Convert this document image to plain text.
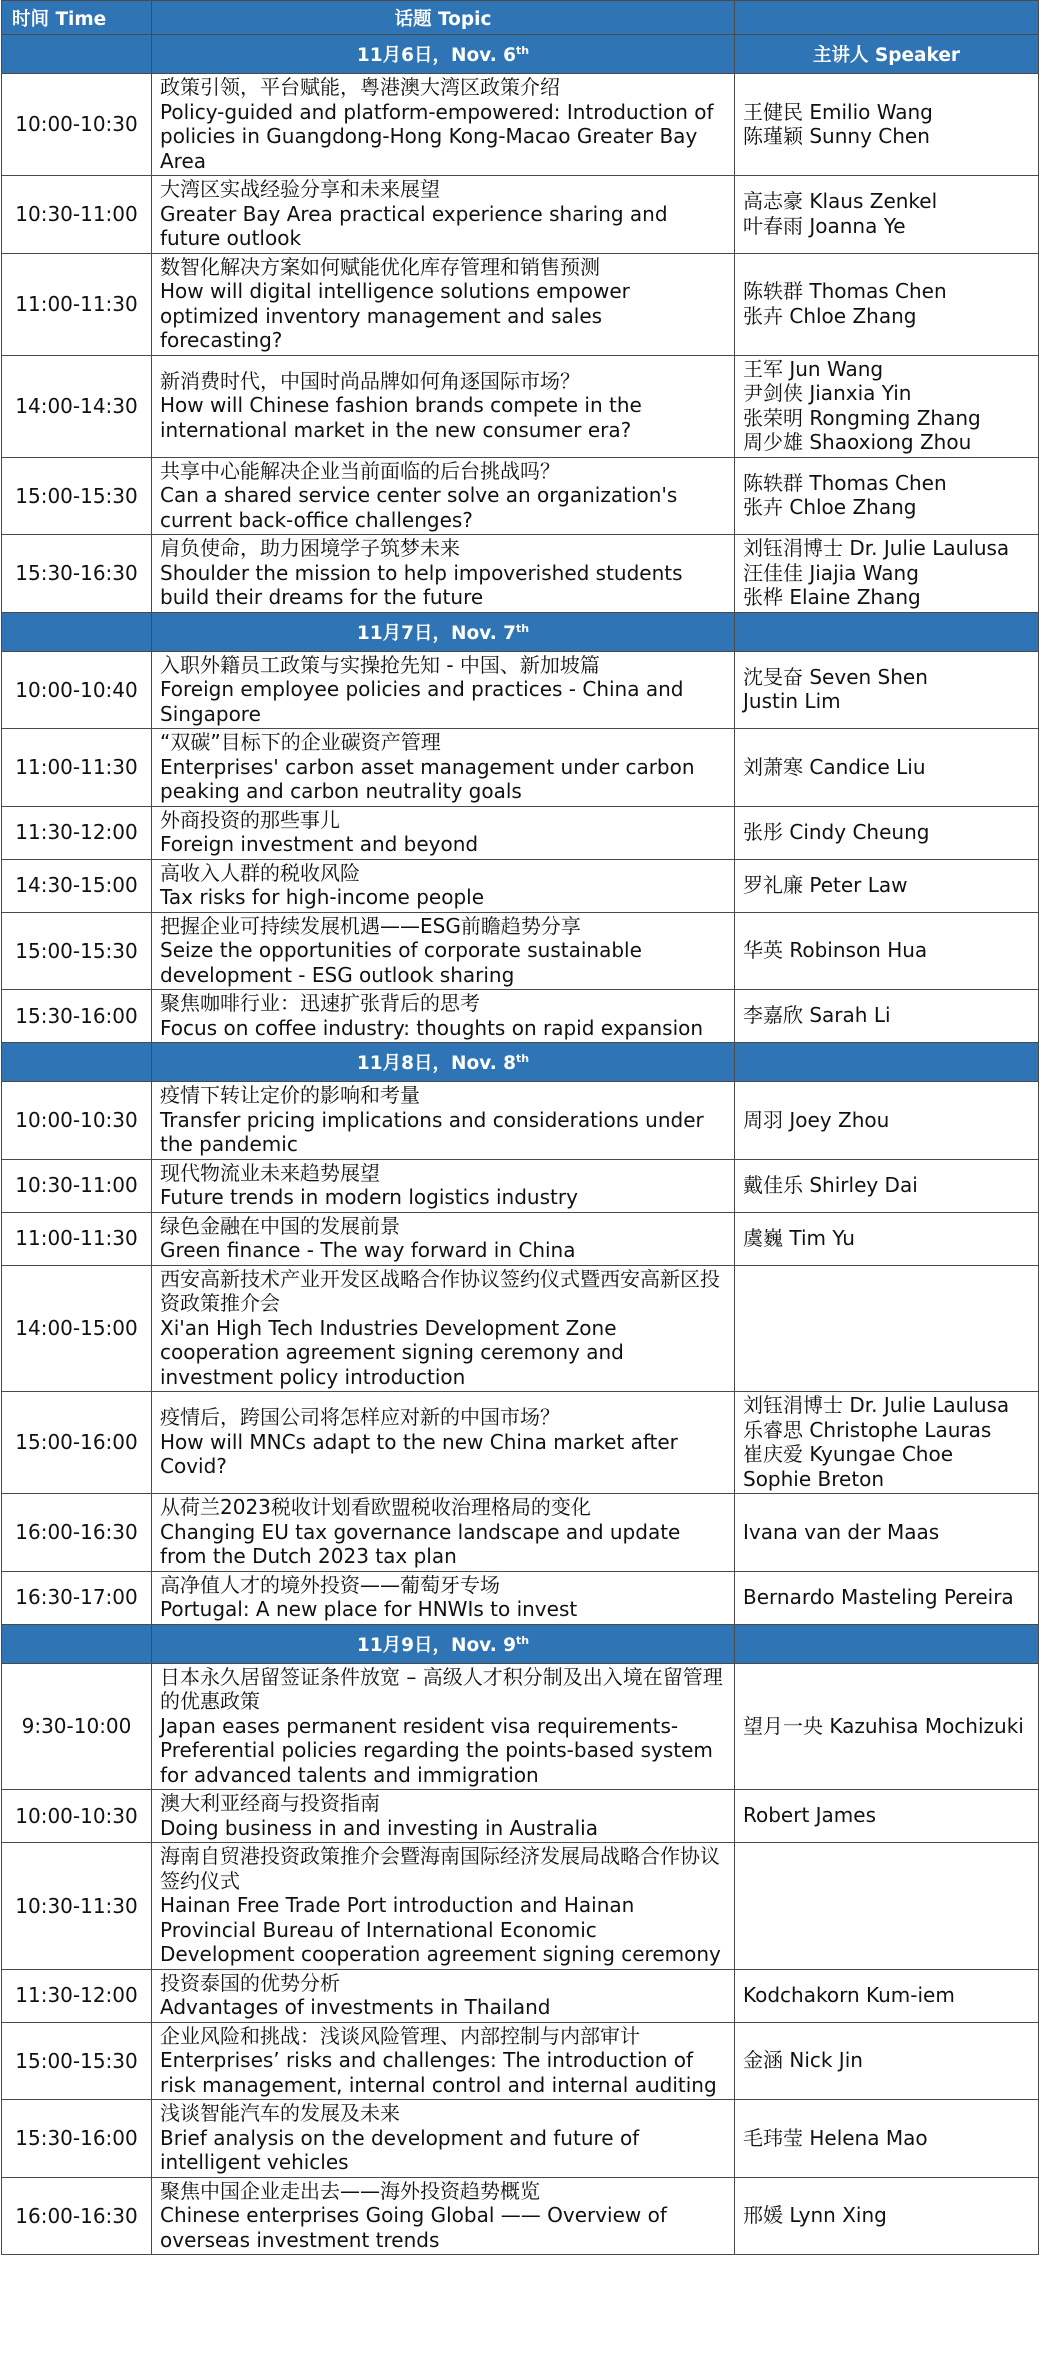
时间 Time	话题 Topic	
	11月6日，Nov. 6th	主讲人 Speaker
10:00-10:30	政策引领，平台赋能，粤港澳大湾区政策介绍
Policy-guided and platform-empowered: Introduction of policies in Guangdong-Hong Kong-Macao Greater Bay Area	王健民 Emilio Wang
陈瑾颖 Sunny Chen

10:30-11:00	大湾区实战经验分享和未来展望
Greater Bay Area practical experience sharing and future outlook	高志豪 Klaus Zenkel
叶春雨 Joanna Ye

11:00-11:30	数智化解决方案如何赋能优化库存管理和销售预测
How will digital intelligence solutions empower optimized inventory management and sales forecasting?	陈轶群 Thomas Chen
张卉 Chloe Zhang

14:00-14:30	新消费时代，中国时尚品牌如何角逐国际市场？
How will Chinese fashion brands compete in the international market in the new consumer era?	王军 Jun Wang
尹剑侠 Jianxia Yin
张荣明 Rongming Zhang
周少雄 Shaoxiong Zhou

15:00-15:30	共享中心能解决企业当前面临的后台挑战吗？
Can a shared service center solve an organization's current back-office challenges?	陈轶群 Thomas Chen
张卉 Chloe Zhang

15:30-16:30	肩负使命，助力困境学子筑梦未来
Shoulder the mission to help impoverished students build their dreams for the future	刘钰涓博士 Dr. Julie Laulusa
汪佳佳 Jiajia Wang
张桦 Elaine Zhang

	11月7日，Nov. 7th	
10:00-10:40	入职外籍员工政策与实操抢先知 - 中国、新加坡篇
Foreign employee policies and practices - China and Singapore	沈旻奋 Seven Shen
Justin Lim

11:00-11:30	“双碳”目标下的企业碳资产管理
Enterprises' carbon asset management under carbon peaking and carbon neutrality goals	刘萧寒 Candice Liu

11:30-12:00	外商投资的那些事儿
Foreign investment and beyond	张彤 Cindy Cheung

14:30-15:00	高收入人群的税收风险
Tax risks for high-income people	罗礼廉 Peter Law

15:00-15:30	把握企业可持续发展机遇——ESG前瞻趋势分享
Seize the opportunities of corporate sustainable development - ESG outlook sharing	华英 Robinson Hua

15:30-16:00	聚焦咖啡行业：迅速扩张背后的思考
Focus on coffee industry: thoughts on rapid expansion	李嘉欣 Sarah Li

	11月8日，Nov. 8th	
10:00-10:30	疫情下转让定价的影响和考量
Transfer pricing implications and considerations under the pandemic	周羽 Joey Zhou

10:30-11:00	现代物流业未来趋势展望
Future trends in modern logistics industry	戴佳乐 Shirley Dai

11:00-11:30	绿色金融在中国的发展前景
Green finance - The way forward in China	虞巍 Tim Yu

14:00-15:00	西安高新技术产业开发区战略合作协议签约仪式暨西安高新区投资政策推介会
Xi'an High Tech Industries Development Zone cooperation agreement signing ceremony and investment policy introduction	

15:00-16:00	疫情后，跨国公司将怎样应对新的中国市场？
How will MNCs adapt to the new China market after Covid?	刘钰涓博士 Dr. Julie Laulusa
乐睿思 Christophe Lauras
崔庆爱 Kyungae Choe
Sophie Breton

16:00-16:30	从荷兰2023税收计划看欧盟税收治理格局的变化
Changing EU tax governance landscape and update from the Dutch 2023 tax plan	Ivana van der Maas

16:30-17:00	高净值人才的境外投资——葡萄牙专场
Portugal: A new place for HNWIs to invest	Bernardo Masteling Pereira

	11月9日，Nov. 9th	
9:30-10:00	日本永久居留签证条件放宽 – 高级人才积分制及出入境在留管理的优惠政策
Japan eases permanent resident visa requirements- Preferential policies regarding the points-based system for advanced talents and immigration	望月一央 Kazuhisa Mochizuki

10:00-10:30	澳大利亚经商与投资指南
Doing business in and investing in Australia	Robert James

10:30-11:30	海南自贸港投资政策推介会暨海南国际经济发展局战略合作协议签约仪式
Hainan Free Trade Port introduction and Hainan Provincial Bureau of International Economic Development cooperation agreement signing ceremony	

11:30-12:00	投资泰国的优势分析
Advantages of investments in Thailand	Kodchakorn Kum-iem

15:00-15:30	企业风险和挑战：浅谈风险管理、内部控制与内部审计
Enterprises’ risks and challenges: The introduction of risk management, internal control and internal auditing	金涵 Nick Jin

15:30-16:00	浅谈智能汽车的发展及未来
Brief analysis on the development and future of intelligent vehicles	毛玮莹 Helena Mao

16:00-16:30	聚焦中国企业走出去——海外投资趋势概览
Chinese enterprises Going Global —— Overview of overseas investment trends	邢媛 Lynn Xing
